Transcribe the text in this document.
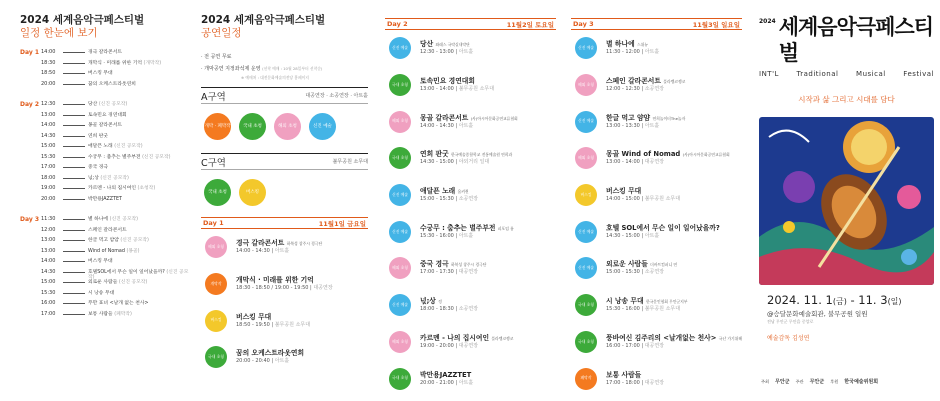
2024 세계음악극페스티벌
일정 한눈에 보기
Day 1 14:00	경극 갈라콘서트
18:30	개막식 · 미래를 위한 기억 (개막작)
18:50	버스킹 무대
20:00	꿈의 오케스트라옷연희
Day 2 12:30	당산 (신진 공모작)
13:00	토속민요 경연대회
14:00	몽골 갈라콘서트
14:30	연희 판굿
15:00	애달픈 노래 (신진 공모작)
15:30	수궁무 : 춤추는 별주부전 (신진 공모작)
17:00	중국 경극
18:00	넋;상 (신진 공모작)
19:00	카르멘 - 나의 집시여인 (초청작)
20:00	박만용JAZZTET
Day 3 11:30	별 하나에 (신진 공모작)
12:00	스페인 갈라콘서트
13:00	한글 먹고 얌얌 (신진 공모작)
13:00	Wind of Nomad (몽골)
14:00	버스킹 무대
14:30	호텔SOL에서 무슨 일이 일어났을까? (신진 공모작)
15:00	외로운 사람들 (신진 공모작)
15:30	시 낭송 무대
16:00	푸만 표녀 <날개 없는 천사>
17:00	보통 사람들 (폐막작)
2024 세계음악극페스티벌
공연일정
· 전 공연 무료
· 개막공연 지정좌석제 운영 (선착 예매 : 10월 28일부터 선착순)
※ 예매처 : 대전문화예술의전당 홈페이지
A구역	대공연장 · 소공연장 · 아트홀
개막 · 폐막작	국내 초청	해외 초청	신진 예술
C구역	불무공원 소무대
국내 초청	버스킹
Day 1	11월1일 금요일
해외 초청	경극 갈라콘서트 하북성 창주시 경극단
14:00 - 14:30 | 아트홀
개막작	개막식 · 미래를 위한 기억
18:30 - 18:50 / 19:00 - 19:50 | 대공연장
버스킹	버스킹 무대
18:50 - 19:50 | 불무공원 소무대
국내 초청	꿈의 오케스트라옷연희
20:00 - 20:40 | 아트홀
Day 2	11월2일 토요일
신진 예술	당산 와래스 국악실내악단
12:30 - 13:00 | 아트홀
국내 초청	토속민요 경연대회
13:00 - 14:00 | 불무공원 소무대
해외 초청	몽골 갈라콘서트 (사)아시아문화공연교류협회
14:00 - 14:30 | 아트홀
국내 초청	연희 판굿 한국예술종합학교 전통예술원 연희과
14:30 - 15:00 | 야외거리 일대
신진 예술	애달픈 노래 움켜쥔
15:00 - 15:30 | 소공연장
신진 예술	수궁무 : 춤추는 별주부전 피포임 롬
15:30 - 16:00 | 아트홀
해외 초청	중국 경극 하북성 창주시 경극단
17:00 - 17:30 | 대공연장
신진 예술	넋;상 정
18:00 - 18:30 | 소공연장
해외 초청	카르멘 - 나의 집시여인 플라멩코젱코
19:00 - 20:00 | 대공연장
국내 초청	박만용JAZZTET
20:00 - 21:00 | 아트홀
Day 3	11월3일 일요일
신진 예술	별 하나에 스위뉴
11:30 - 12:00 | 아트홀
해외 초청	스페인 갈라콘서트 플라멩코젱코
12:00 - 12:30 | 소공연장
신진 예술	한글 먹고 얌얌 연희놀이터The놀자
13:00 - 13:30 | 아트홀
해외 초청	몽골 Wind of Nomad (사)아시아문화공연교류협회
13:00 - 14:00 | 대공연장
버스킹	버스킹 무대
14:00 - 15:00 | 불무공원 소무대
신진 예술	호텔 SOL에서 무슨 일이 일어났을까?
14:30 - 15:00 | 아트홀
신진 예술	외로운 사람들 더바트컴퍼니 연
15:00 - 15:30 | 소공연장
국내 초청	시 낭송 무대 한국문인협회 무안군지부
15:30 - 16:00 | 불무공원 소무대
국내 초청	풍바여신 김주리의 <날개없는 천사> 국난 가기위해
16:00 - 17:00 | 대공연장
폐막작	보통 사람들
17:00 - 18:00 | 대공연장
2024 세계음악극페스티벌
INT'L	Traditional	Musical	Festival
시작과 삶 그리고 시대를 담다
2024. 11. 1(금) - 11. 3(일)
@승달문화예술회관, 불무공원 일원
전남 무안군 무안읍 중앙로
예술감독 김성연
주최 무안군 주관 무안군 후원 한국예술위원회
